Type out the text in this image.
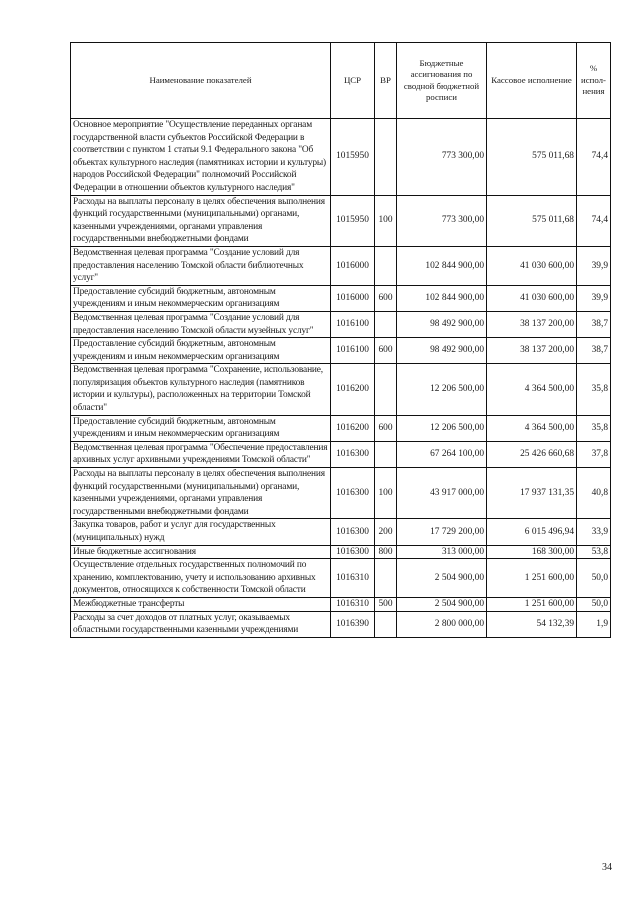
Наименование показателей	ЦСР	ВР	Бюджетные ассигнования по сводной бюджетной росписи	Кассовое исполнение	% испол-нения
Основное мероприятие "Осуществление переданных органам государственной власти субъектов Российской Федерации в соответствии с пунктом 1 статьи 9.1 Федерального закона "Об объектах культурного наследия (памятниках истории и культуры) народов Российской Федерации" полномочий Российской Федерации в отношении объектов культурного наследия"	1015950		773 300,00	575 011,68	74,4
Расходы на выплаты персоналу в целях обеспечения выполнения функций государственными (муниципальными) органами, казенными учреждениями, органами управления государственными внебюджетными фондами	1015950	100	773 300,00	575 011,68	74,4
Ведомственная целевая программа "Создание условий для предоставления населению Томской области библиотечных услуг"	1016000		102 844 900,00	41 030 600,00	39,9
Предоставление субсидий бюджетным, автономным учреждениям и иным некоммерческим организациям	1016000	600	102 844 900,00	41 030 600,00	39,9
Ведомственная целевая программа "Создание условий для предоставления населению Томской области музейных услуг"	1016100		98 492 900,00	38 137 200,00	38,7
Предоставление субсидий бюджетным, автономным учреждениям и иным некоммерческим организациям	1016100	600	98 492 900,00	38 137 200,00	38,7
Ведомственная целевая программа "Сохранение, использование, популяризация объектов культурного наследия (памятников истории и культуры), расположенных на территории Томской области"	1016200		12 206 500,00	4 364 500,00	35,8
Предоставление субсидий бюджетным, автономным учреждениям и иным некоммерческим организациям	1016200	600	12 206 500,00	4 364 500,00	35,8
Ведомственная целевая программа "Обеспечение предоставления архивных услуг архивными учреждениями Томской области"	1016300		67 264 100,00	25 426 660,68	37,8
Расходы на выплаты персоналу в целях обеспечения выполнения функций государственными (муниципальными) органами, казенными учреждениями, органами управления государственными внебюджетными фондами	1016300	100	43 917 000,00	17 937 131,35	40,8
Закупка товаров, работ и услуг для государственных (муниципальных) нужд	1016300	200	17 729 200,00	6 015 496,94	33,9
Иные бюджетные ассигнования	1016300	800	313 000,00	168 300,00	53,8
Осуществление отдельных государственных полномочий по хранению, комплектованию, учету и использованию архивных документов, относящихся к собственности Томской области	1016310		2 504 900,00	1 251 600,00	50,0
Межбюджетные трансферты	1016310	500	2 504 900,00	1 251 600,00	50,0
Расходы за счет доходов от платных услуг, оказываемых областными государственными казенными учреждениями	1016390		2 800 000,00	54 132,39	1,9
34
